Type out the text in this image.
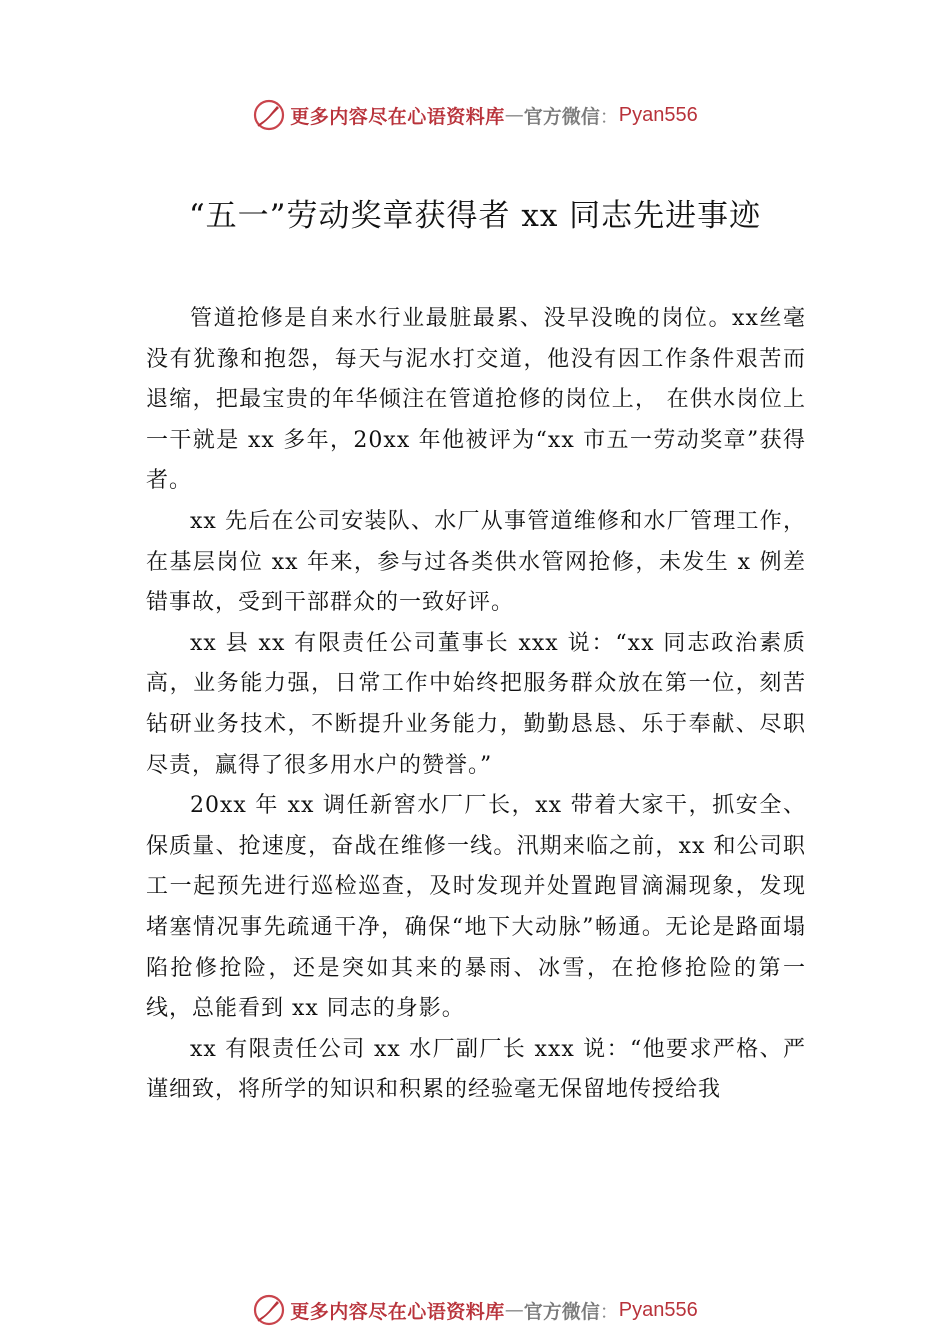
更多内容尽在心语资料库 — 官方微信 ： Pyan556
“五一”劳动奖章获得者 xx 同志先进事迹

管道抢修是自来水行业最脏最累、没早没晚的岗位。xx丝毫没有犹豫和抱怨，每天与泥水打交道，他没有因工作条件艰苦而退缩，把最宝贵的年华倾注在管道抢修的岗位上， 在供水岗位上一干就是 xx 多年，20xx 年他被评为“xx 市五一劳动奖章”获得者。

xx 先后在公司安装队、水厂从事管道维修和水厂管理工作，在基层岗位 xx 年来，参与过各类供水管网抢修，未发生 x 例差错事故，受到干部群众的一致好评。

xx 县 xx 有限责任公司董事长 xxx 说：“xx 同志政治素质高，业务能力强，日常工作中始终把服务群众放在第一位，刻苦钻研业务技术，不断提升业务能力，勤勤恳恳、乐于奉献、尽职尽责，赢得了很多用水户的赞誉。”

20xx 年 xx 调任新窖水厂厂长，xx 带着大家干，抓安全、保质量、抢速度，奋战在维修一线。汛期来临之前，xx 和公司职工一起预先进行巡检巡查，及时发现并处置跑冒滴漏现象，发现堵塞情况事先疏通干净，确保“地下大动脉”畅通。无论是路面塌陷抢修抢险，还是突如其来的暴雨、冰雪，在抢修抢险的第一线，总能看到 xx 同志的身影。

xx 有限责任公司 xx 水厂副厂长 xxx 说：“他要求严格、严谨细致，将所学的知识和积累的经验毫无保留地传授给我

更多内容尽在心语资料库 — 官方微信 ： Pyan556
